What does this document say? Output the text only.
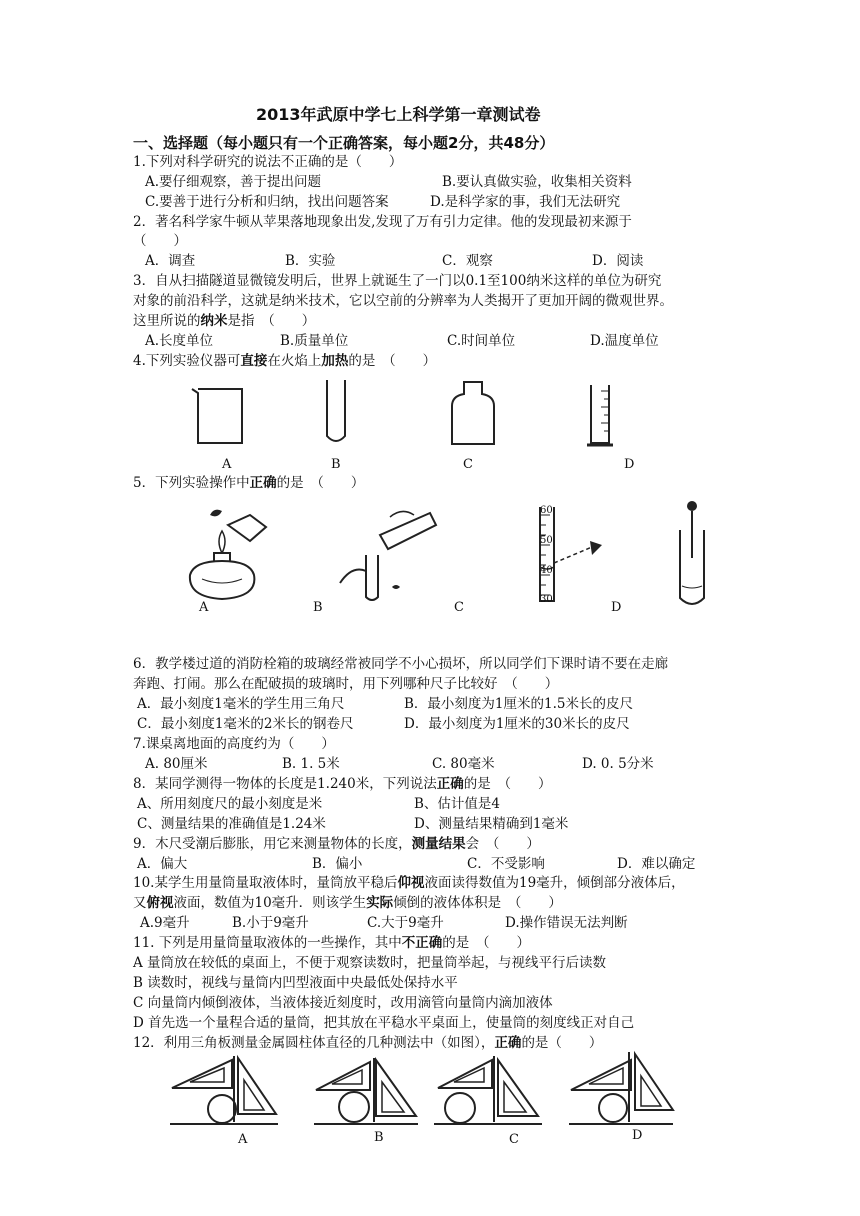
2013年武原中学七上科学第一章测试卷
一、选择题（每小题只有一个正确答案，每小题2分，共48分）
1.下列对科学研究的说法不正确的是（　　）
A.要仔细观察，善于提出问题	B.要认真做实验，收集相关资料
C.要善于进行分析和归纳，找出问题答案	D.是科学家的事，我们无法研究
2．著名科学家牛顿从苹果落地现象出发,发现了万有引力定律。他的发现最初来源于
（　　）
A．调查	B．实验	C．观察	D．阅读
3．自从扫描隧道显微镜发明后，世界上就诞生了一门以0.1至100纳米这样的单位为研究
对象的前沿科学，这就是纳米技术，它以空前的分辨率为人类揭开了更加开阔的微观世界。
这里所说的纳米是指　（　　）
A.长度单位	B.质量单位	C.时间单位	D.温度单位
4.下列实验仪器可直接在火焰上加热的是　（　　）
A	B	C	D
5．下列实验操作中正确的是　（　　）
60
50
40
30
A	B	C	D
6．教学楼过道的消防栓箱的玻璃经常被同学不小心损坏，所以同学们下课时请不要在走廊
奔跑、打闹。那么在配破损的玻璃时，用下列哪种尺子比较好　（　　）
A．最小刻度1毫米的学生用三角尺	B．最小刻度为1厘米的1.5米长的皮尺
C．最小刻度1毫米的2米长的钢卷尺	D．最小刻度为1厘米的30米长的皮尺
7.课桌离地面的高度约为（　　）
A. 80厘米	B. 1. 5米	C. 80毫米	D. 0. 5分米
8．某同学测得一物体的长度是1.240米，下列说法正确的是　（　　）
A、所用刻度尺的最小刻度是米	B、估计值是4
C、测量结果的准确值是1.24米	D、测量结果精确到1毫米
9．木尺受潮后膨胀，用它来测量物体的长度，测量结果会　（　　）
A．偏大	B．偏小	C．不受影响	D．难以确定
10.某学生用量筒量取液体时，量筒放平稳后仰视液面读得数值为19毫升，倾倒部分液体后，
又俯视液面，数值为10毫升．则该学生实际倾倒的液体体积是　（　　）
A.9毫升	B.小于9毫升	C.大于9毫升	D.操作错误无法判断
11. 下列是用量筒量取液体的一些操作，其中不正确的是　（　　）
A 量筒放在较低的桌面上，不便于观察读数时，把量筒举起，与视线平行后读数
B 读数时，视线与量筒内凹型液面中央最低处保持水平
C 向量筒内倾倒液体，当液体接近刻度时，改用滴管向量筒内滴加液体
D 首先选一个量程合适的量筒，把其放在平稳水平桌面上，使量筒的刻度线正对自己
12．利用三角板测量金属圆柱体直径的几种测法中（如图），正确的是（　　）
A	B	C	D
